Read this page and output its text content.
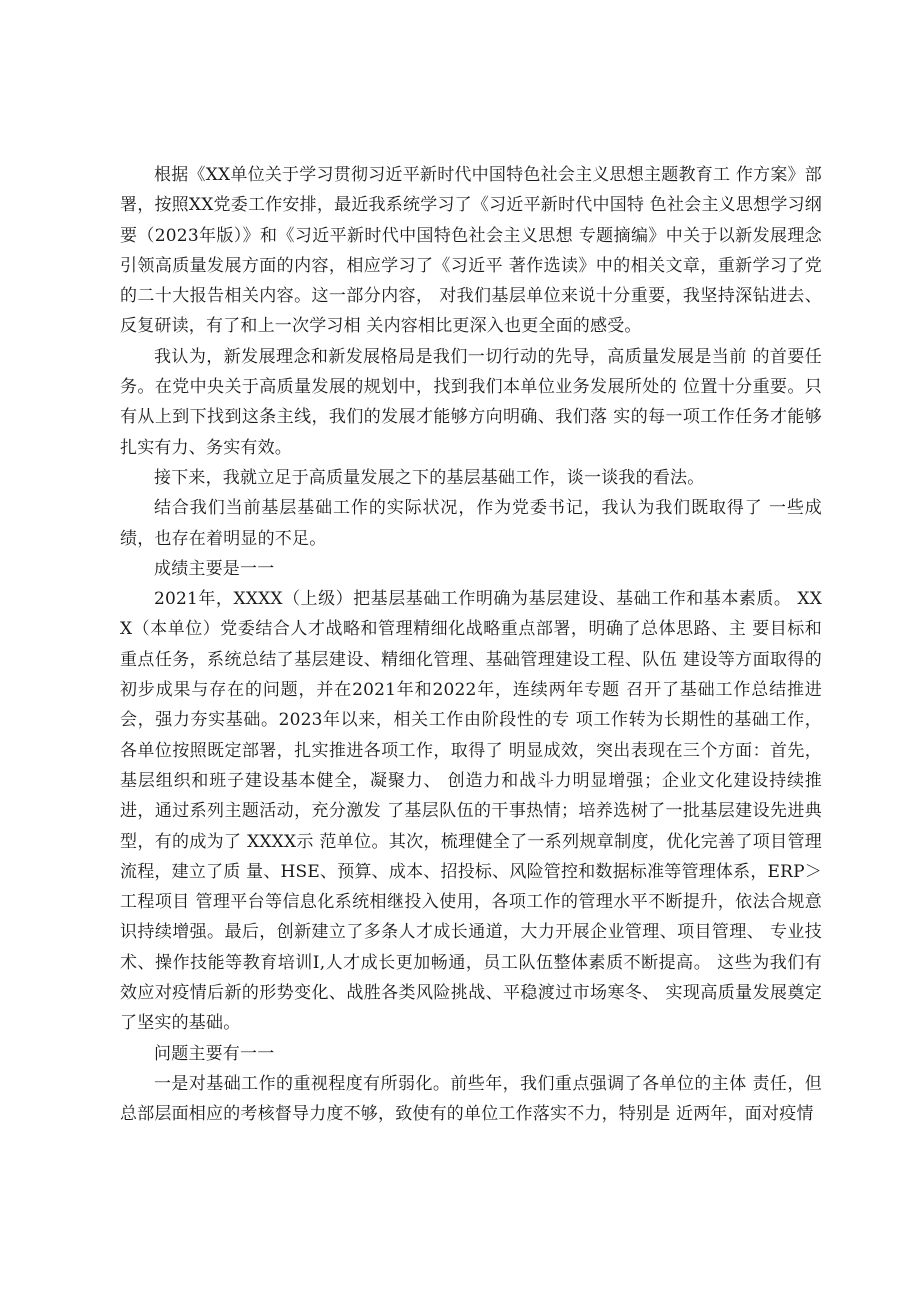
根据《XX单位关于学习贯彻习近平新时代中国特色社会主义思想主题教育工 作方案》部署，按照XX党委工作安排，最近我系统学习了《习近平新时代中国特 色社会主义思想学习纲要（2023年版）》和《习近平新时代中国特色社会主义思想 专题摘编》中关于以新发展理念引领高质量发展方面的内容，相应学习了《习近平 著作选读》中的相关文章，重新学习了党的二十大报告相关内容。这一部分内容， 对我们基层单位来说十分重要，我坚持深钻进去、反复研读，有了和上一次学习相 关内容相比更深入也更全面的感受。

我认为，新发展理念和新发展格局是我们一切行动的先导，高质量发展是当前 的首要任务。在党中央关于高质量发展的规划中，找到我们本单位业务发展所处的 位置十分重要。只有从上到下找到这条主线，我们的发展才能够方向明确、我们落 实的每一项工作任务才能够扎实有力、务实有效。

接下来，我就立足于高质量发展之下的基层基础工作，谈一谈我的看法。

结合我们当前基层基础工作的实际状况，作为党委书记，我认为我们既取得了 一些成绩，也存在着明显的不足。

成绩主要是一一

2021年，XXXX（上级）把基层基础工作明确为基层建设、基础工作和基本素质。 XXX（本单位）党委结合人才战略和管理精细化战略重点部署，明确了总体思路、主 要目标和重点任务，系统总结了基层建设、精细化管理、基础管理建设工程、队伍 建设等方面取得的初步成果与存在的问题，并在2021年和2022年，连续两年专题 召开了基础工作总结推进会，强力夯实基础。2023年以来，相关工作由阶段性的专 项工作转为长期性的基础工作，各单位按照既定部署，扎实推进各项工作，取得了 明显成效，突出表现在三个方面：首先，基层组织和班子建设基本健全，凝聚力、 创造力和战斗力明显增强；企业文化建设持续推进，通过系列主题活动，充分激发 了基层队伍的干事热情；培养选树了一批基层建设先进典型，有的成为了 XXXX示 范单位。其次，梳理健全了一系列规章制度，优化完善了项目管理流程，建立了质 量、HSE、预算、成本、招投标、风险管控和数据标准等管理体系，ERP＞工程项目 管理平台等信息化系统相继投入使用，各项工作的管理水平不断提升，依法合规意 识持续增强。最后，创新建立了多条人才成长通道，大力开展企业管理、项目管理、 专业技术、操作技能等教育培训I,人才成长更加畅通，员工队伍整体素质不断提高。 这些为我们有效应对疫情后新的形势变化、战胜各类风险挑战、平稳渡过市场寒冬、 实现高质量发展奠定了坚实的基础。

问题主要有一一

一是对基础工作的重视程度有所弱化。前些年，我们重点强调了各单位的主体 责任，但总部层面相应的考核督导力度不够，致使有的单位工作落实不力，特别是 近两年，面对疫情
